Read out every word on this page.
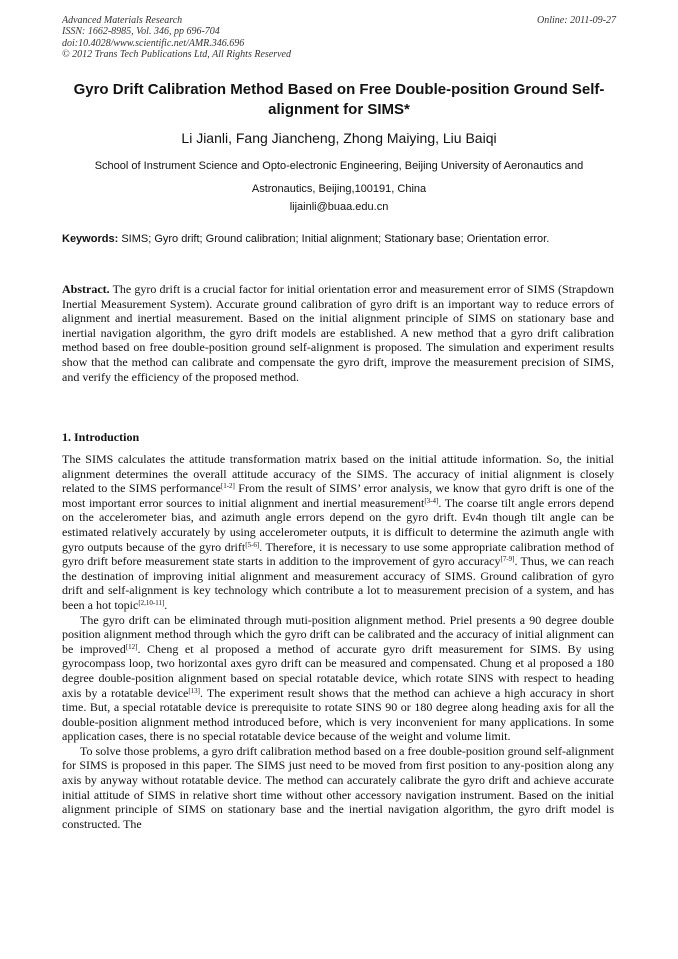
Advanced Materials Research
ISSN: 1662-8985, Vol. 346, pp 696-704
doi:10.4028/www.scientific.net/AMR.346.696
© 2012 Trans Tech Publications Ltd, All Rights Reserved
Online: 2011-09-27
Gyro Drift Calibration Method Based on Free Double-position Ground Self-alignment for SIMS*
Li Jianli, Fang Jiancheng, Zhong Maiying, Liu Baiqi
School of Instrument Science and Opto-electronic Engineering, Beijing University of Aeronautics and Astronautics, Beijing,100191, China
lijainli@buaa.edu.cn
Keywords: SIMS; Gyro drift; Ground calibration; Initial alignment; Stationary base; Orientation error.
Abstract. The gyro drift is a crucial factor for initial orientation error and measurement error of SIMS (Strapdown Inertial Measurement System). Accurate ground calibration of gyro drift is an important way to reduce errors of alignment and inertial measurement. Based on the initial alignment principle of SIMS on stationary base and inertial navigation algorithm, the gyro drift models are established. A new method that a gyro drift calibration method based on free double-position ground self-alignment is proposed. The simulation and experiment results show that the method can calibrate and compensate the gyro drift, improve the measurement precision of SIMS, and verify the efficiency of the proposed method.
1. Introduction

The SIMS calculates the attitude transformation matrix based on the initial attitude information. So, the initial alignment determines the overall attitude accuracy of the SIMS. The accuracy of initial alignment is closely related to the SIMS performance[1-2] From the result of SIMS’ error analysis, we know that gyro drift is one of the most important error sources to initial alignment and inertial measurement[3-4]. The coarse tilt angle errors depend on the accelerometer bias, and azimuth angle errors depend on the gyro drift. Ev4n though tilt angle can be estimated relatively accurately by using accelerometer outputs, it is difficult to determine the azimuth angle with gyro outputs because of the gyro drift[5-6]. Therefore, it is necessary to use some appropriate calibration method of gyro drift before measurement state starts in addition to the improvement of gyro accuracy[7-9]. Thus, we can reach the destination of improving initial alignment and measurement accuracy of SIMS. Ground calibration of gyro drift and self-alignment is key technology which contribute a lot to measurement precision of a system, and has been a hot topic[2,10-11].

The gyro drift can be eliminated through muti-position alignment method. Priel presents a 90 degree double position alignment method through which the gyro drift can be calibrated and the accuracy of initial alignment can be improved[12]. Cheng et al proposed a method of accurate gyro drift measurement for SIMS. By using gyrocompass loop, two horizontal axes gyro drift can be measured and compensated. Chung et al proposed a 180 degree double-position alignment based on special rotatable device, which rotate SINS with respect to heading axis by a rotatable device[13]. The experiment result shows that the method can achieve a high accuracy in short time. But, a special rotatable device is prerequisite to rotate SINS 90 or 180 degree along heading axis for all the double-position alignment method introduced before, which is very inconvenient for many applications. In some application cases, there is no special rotatable device because of the weight and volume limit.

To solve those problems, a gyro drift calibration method based on a free double-position ground self-alignment for SIMS is proposed in this paper. The SIMS just need to be moved from first position to any-position along any axis by anyway without rotatable device. The method can accurately calibrate the gyro drift and achieve accurate initial attitude of SIMS in relative short time without other accessory navigation instrument. Based on the initial alignment principle of SIMS on stationary base and the inertial navigation algorithm, the gyro drift model is constructed. The
